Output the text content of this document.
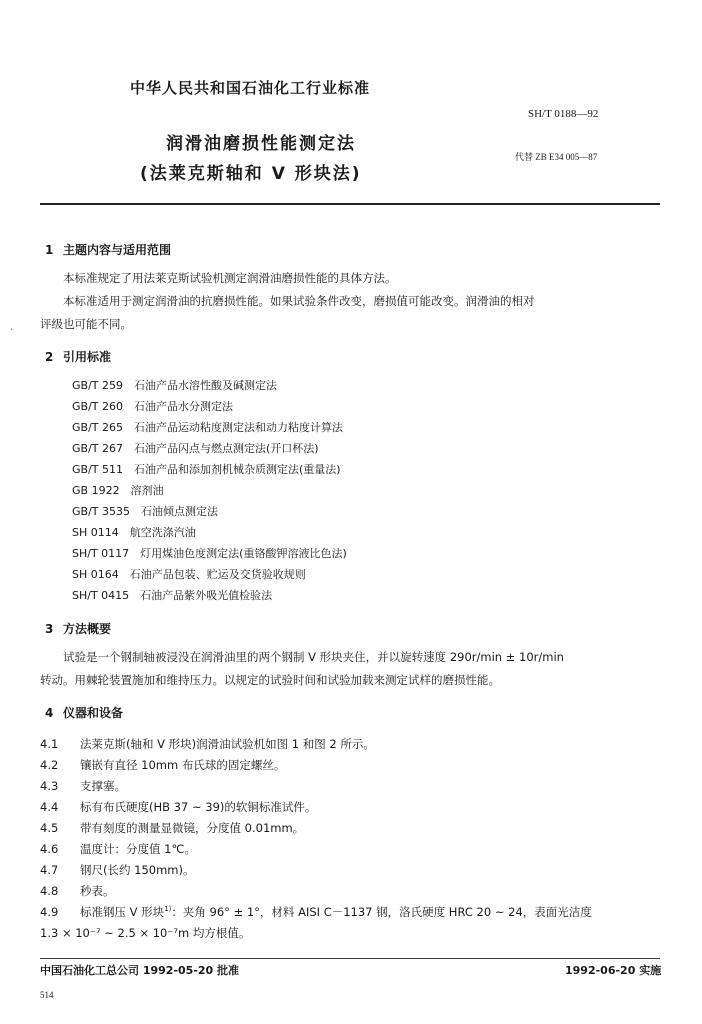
中华人民共和国石油化工行业标准
SH/T 0188—92
润滑油磨损性能测定法
(法莱克斯轴和 V 形块法)
代替 ZB E34 005—87
.
1 主题内容与适用范围
本标准规定了用法莱克斯试验机测定润滑油磨损性能的具体方法。
本标准适用于测定润滑油的抗磨损性能。如果试验条件改变，磨损值可能改变。润滑油的相对
评级也可能不同。
2 引用标准
GB/T 259　石油产品水溶性酸及碱测定法
GB/T 260　石油产品水分测定法
GB/T 265　石油产品运动粘度测定法和动力粘度计算法
GB/T 267　石油产品闪点与燃点测定法(开口杯法)
GB/T 511　石油产品和添加剂机械杂质测定法(重量法)
GB 1922　溶剂油
GB/T 3535　石油倾点测定法
SH 0114　航空洗涤汽油
SH/T 0117　灯用煤油色度测定法(重铬酸钾溶液比色法)
SH 0164　石油产品包装、贮运及交货验收规则
SH/T 0415　石油产品紫外吸光值检验法
3 方法概要
试验是一个钢制轴被浸没在润滑油里的两个钢制 V 形块夹住，并以旋转速度 290r/min ± 10r/min
转动。用棘轮装置施加和维持压力。以规定的试验时间和试验加载来测定试样的磨损性能。
4 仪器和设备
4.1 法莱克斯(轴和 V 形块)润滑油试验机如图 1 和图 2 所示。
4.2 镶嵌有直径 10mm 布氏球的固定螺丝。
4.3 支撑塞。
4.4 标有布氏硬度(HB 37 ~ 39)的软铜标准试件。
4.5 带有刻度的测量显微镜，分度值 0.01mm。
4.6 温度计：分度值 1℃。
4.7 钢尺(长约 150mm)。
4.8 秒表。
4.9 标准钢压 V 形块$^{1)}$：夹角 96° ± 1°，材料 AISI C－1137 钢，洛氏硬度 HRC 20 ~ 24，表面光洁度
1.3 × 10⁻⁷ ~ 2.5 × 10⁻⁷m 均方根值。
中国石油化工总公司 1992-05-20 批准	1992-06-20 实施
514
